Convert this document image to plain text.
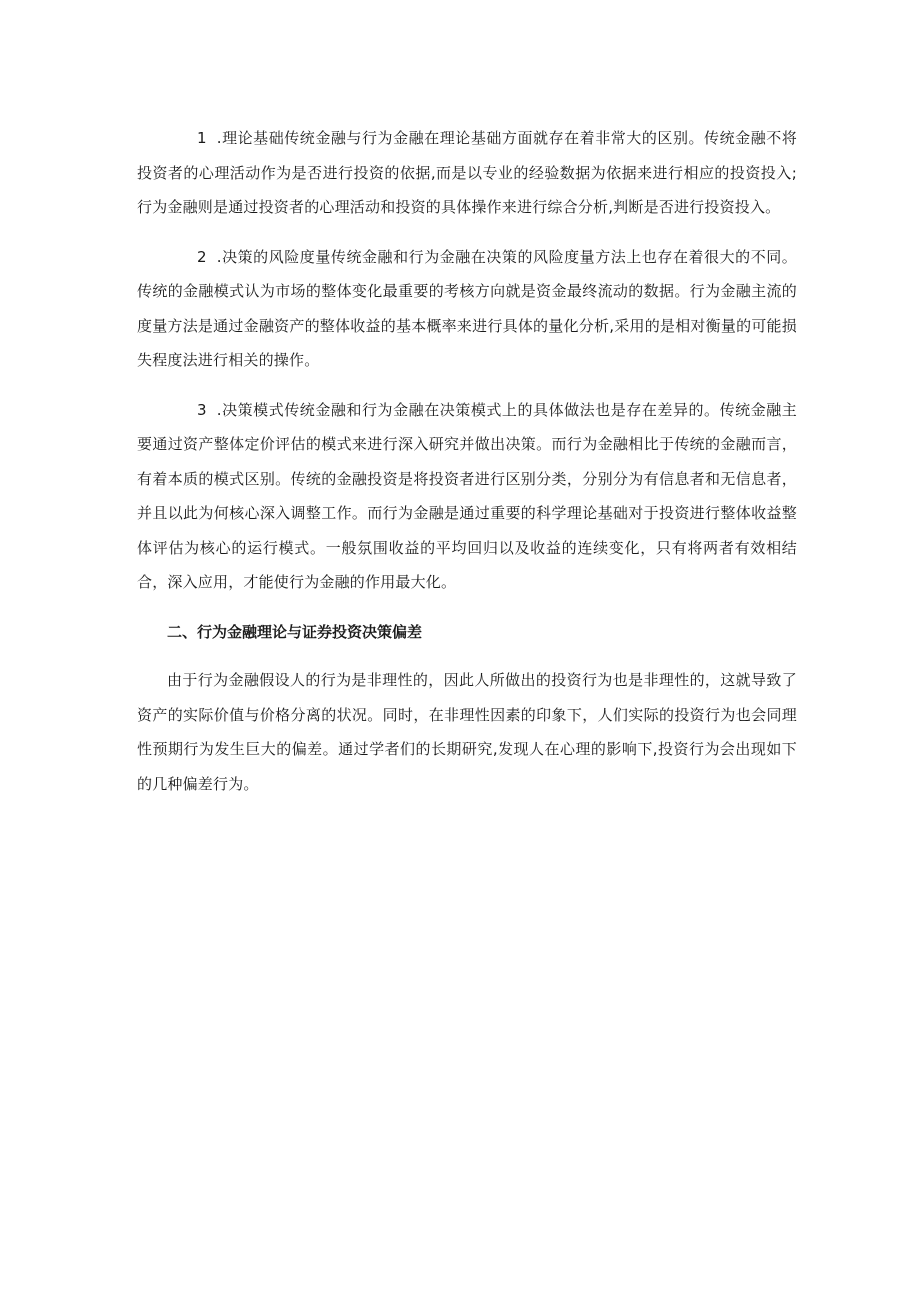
1 .理论基础传统金融与行为金融在理论基础方面就存在着非常大的区别。传统金融不将投资者的心理活动作为是否进行投资的依据,而是以专业的经验数据为依据来进行相应的投资投入;行为金融则是通过投资者的心理活动和投资的具体操作来进行综合分析,判断是否进行投资投入。

2 .决策的风险度量传统金融和行为金融在决策的风险度量方法上也存在着很大的不同。传统的金融模式认为市场的整体变化最重要的考核方向就是资金最终流动的数据。行为金融主流的度量方法是通过金融资产的整体收益的基本概率来进行具体的量化分析,采用的是相对衡量的可能损失程度法进行相关的操作。

3 .决策模式传统金融和行为金融在决策模式上的具体做法也是存在差异的。传统金融主要通过资产整体定价评估的模式来进行深入研究并做出决策。而行为金融相比于传统的金融而言，有着本质的模式区别。传统的金融投资是将投资者进行区别分类，分别分为有信息者和无信息者，并且以此为何核心深入调整工作。而行为金融是通过重要的科学理论基础对于投资进行整体收益整体评估为核心的运行模式。一般氛围收益的平均回归以及收益的连续变化，只有将两者有效相结合，深入应用，才能使行为金融的作用最大化。

二、行为金融理论与证券投资决策偏差

由于行为金融假设人的行为是非理性的，因此人所做出的投资行为也是非理性的，这就导致了资产的实际价值与价格分离的状况。同时，在非理性因素的印象下，人们实际的投资行为也会同理性预期行为发生巨大的偏差。通过学者们的长期研究,发现人在心理的影响下,投资行为会出现如下的几种偏差行为。
